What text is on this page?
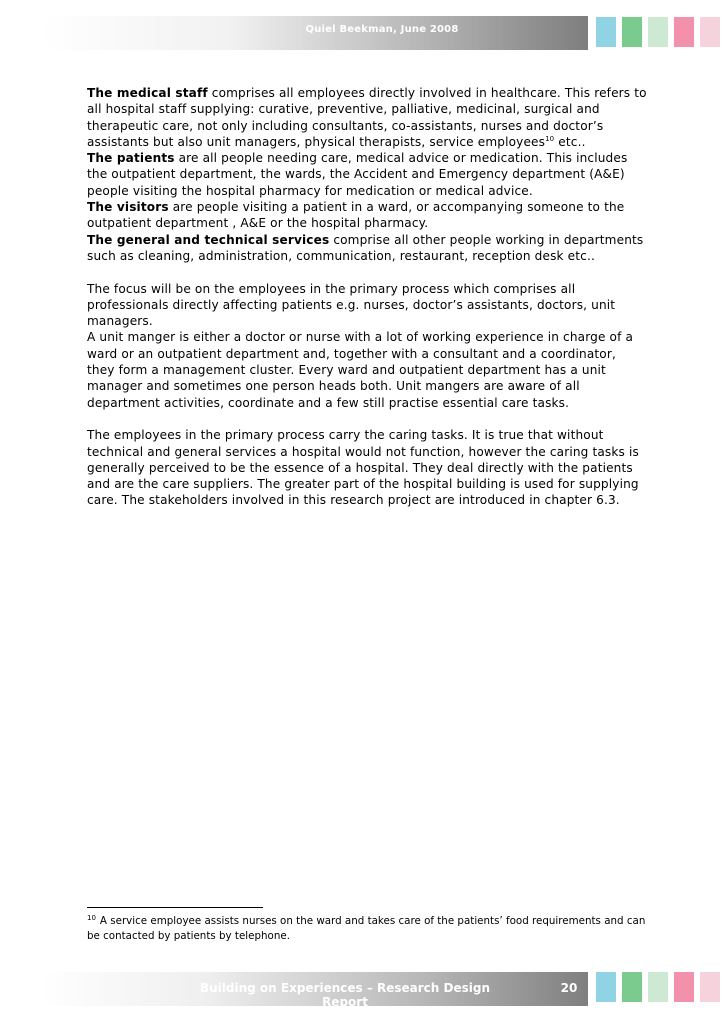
Quiel Beekman, June 2008

The medical staff comprises all employees directly involved in healthcare. This refers to all hospital staff supplying: curative, preventive, palliative, medicinal, surgical and therapeutic care, not only including consultants, co-assistants, nurses and doctor’s assistants but also unit managers, physical therapists, service employees$^{10}$ etc..

The patients are all people needing care, medical advice or medication. This includes the outpatient department, the wards, the Accident and Emergency department (A&E) people visiting the hospital pharmacy for medication or medical advice.

The visitors are people visiting a patient in a ward, or accompanying someone to the outpatient department , A&E or the hospital pharmacy.

The general and technical services comprise all other people working in departments such as cleaning, administration, communication, restaurant, reception desk etc..

The focus will be on the employees in the primary process which comprises all professionals directly affecting patients e.g. nurses, doctor’s assistants, doctors, unit managers.

A unit manger is either a doctor or nurse with a lot of working experience in charge of a ward or an outpatient department and, together with a consultant and a coordinator, they form a management cluster. Every ward and outpatient department has a unit manager and sometimes one person heads both. Unit mangers are aware of all department activities, coordinate and a few still practise essential care tasks.

The employees in the primary process carry the caring tasks. It is true that without technical and general services a hospital would not function, however the caring tasks is generally perceived to be the essence of a hospital. They deal directly with the patients and are the care suppliers. The greater part of the hospital building is used for supplying care. The stakeholders involved in this research project are introduced in chapter 6.3.

$^{10}$ A service employee assists nurses on the ward and takes care of the patients’ food requirements and can be contacted by patients by telephone.
Building on Experiences – Research Design Report
20
